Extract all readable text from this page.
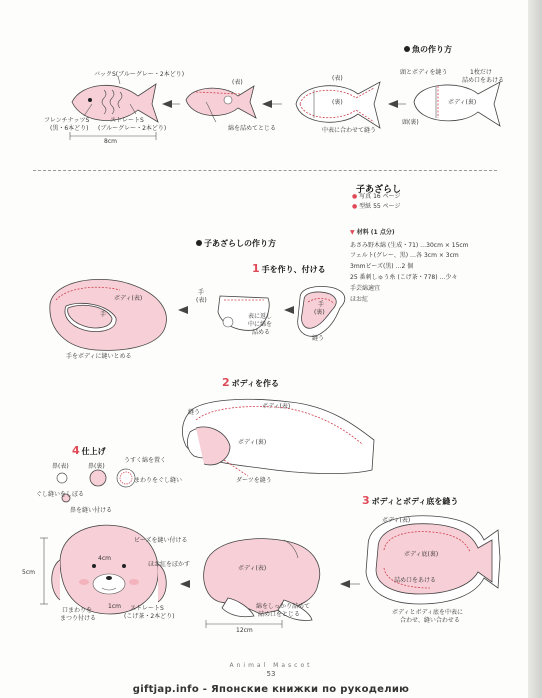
魚の作り方
バックS(ブルーグレー・2本どり)
フレンチナッツS
(黒・6本どり)
ストレートS
(ブルーグレー・2本どり)
8cm
(表)
綿を詰めてとじる
(表)
(裏)
中表に合わせて縫う
頭とボディを縫う	1枚だけ
詰め口をあける
ボディ(裏)
頭(裏)
子あざらし
● 写真 16 ページ
● 型紙 55 ページ
▼ 材料 (1 点分)
あさみ野木綿 (生成・71) …30cm × 15cm
フェルト(グレー、黒) …各 3cm × 3cm
3mmビーズ(黒) …2 個
25 番刺しゅう糸 (こげ茶・778) …少々
手芸綿適宜
ほお紅
子あざらしの作り方
1 手を作り、付ける
手
(表)
表に返し
中に綿を
詰める
手
(裏)
縫う
ボディ(表)
手
手をボディに縫いとめる
2 ボディを作る
縫う
ボディ(表)
ボディ(裏)
ダーツを縫う
3 ボディとボディ底を縫う
ボディ(表)
ボディ底(裏)
詰め口をあける
ボディとボディ底を中表に
合わせ、縫い合わせる
4 仕上げ
鼻(表)	鼻(裏)
うすく綿を置く
まわりをぐし縫い
ぐし縫いをしぼる
鼻を縫い付ける
ビーズを縫い付ける
ほお紅をぼかす
5cm
4cm
1cm
口まわりを
まつり付ける
ストレートS
(こげ茶・2本どり)
ボディ(表)
綿をしっかり詰めて
詰め口をとじる
12cm
Animal Mascot
53
giftjap.info - Японские книжки по рукоделию
